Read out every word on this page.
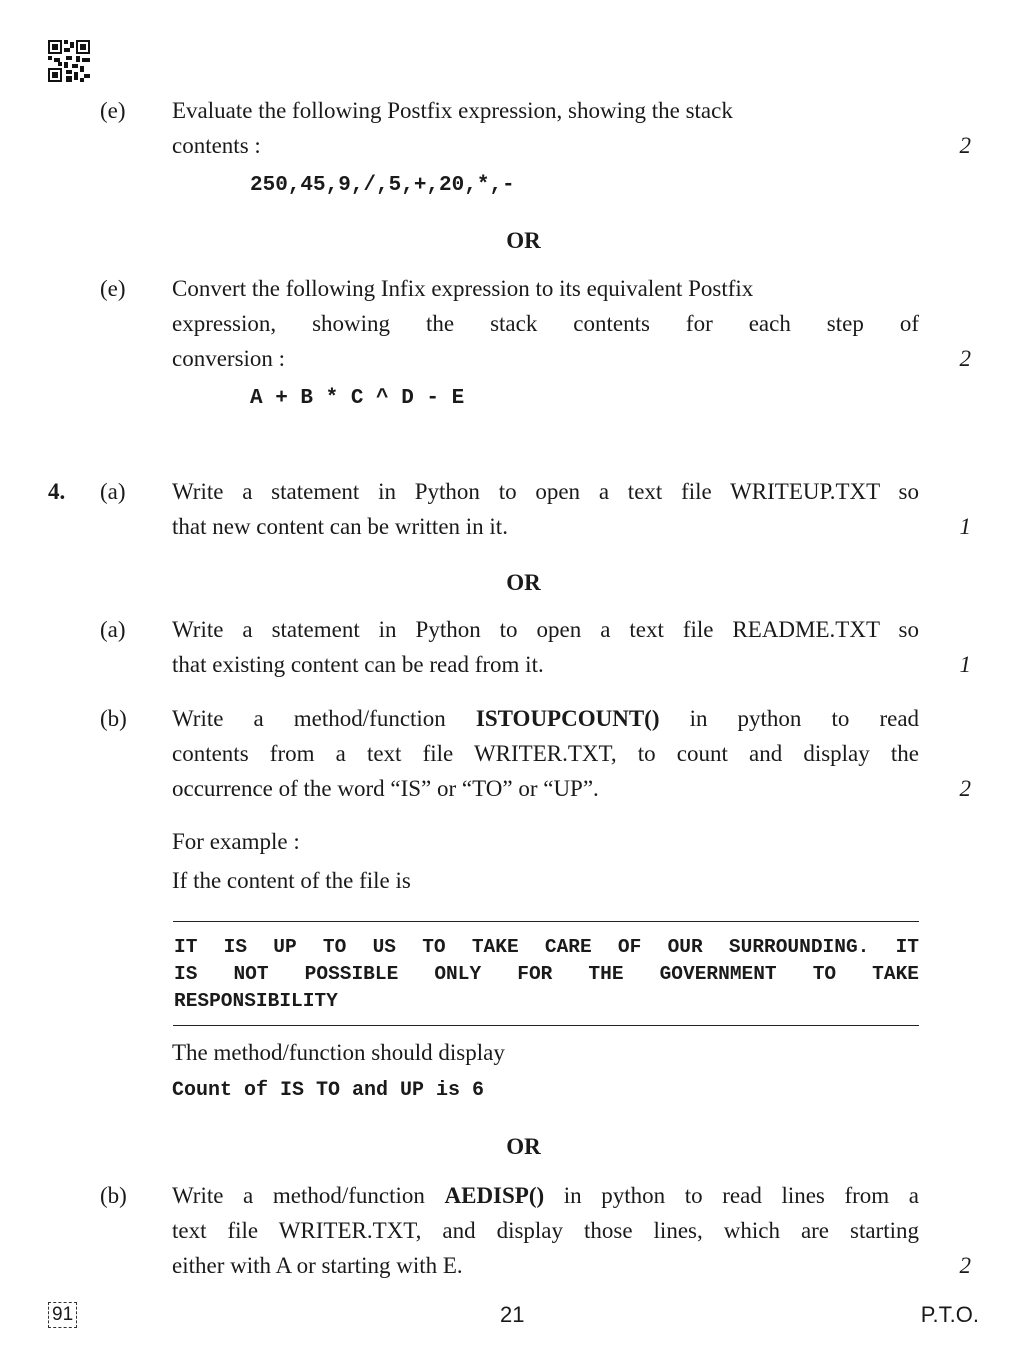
(e) Evaluate the following Postfix expression, showing the stack
contents :	2
250,45,9,/,5,+,20,*,-
OR
(e) Convert the following Infix expression to its equivalent Postfix
expression, showing the stack contents for each step of
conversion :	2
A + B * C ^ D - E
4. (a) Write a statement in Python to open a text file WRITEUP.TXT so
that new content can be written in it.	1
OR
(a) Write a statement in Python to open a text file README.TXT so
that existing content can be read from it.	1
(b) Write a method/function ISTOUPCOUNT() in python to read
contents from a text file WRITER.TXT, to count and display the
occurrence of the word “IS” or “TO” or “UP”.	2
For example :
If the content of the file is
IT IS UP TO US TO TAKE CARE OF OUR SURROUNDING. IT
IS NOT POSSIBLE ONLY FOR THE GOVERNMENT TO TAKE
RESPONSIBILITY
The method/function should display
Count of IS TO and UP is 6
OR
(b) Write a method/function AEDISP() in python to read lines from a
text file WRITER.TXT, and display those lines, which are starting
either with A or starting with E.	2
91	21	P.T.O.
